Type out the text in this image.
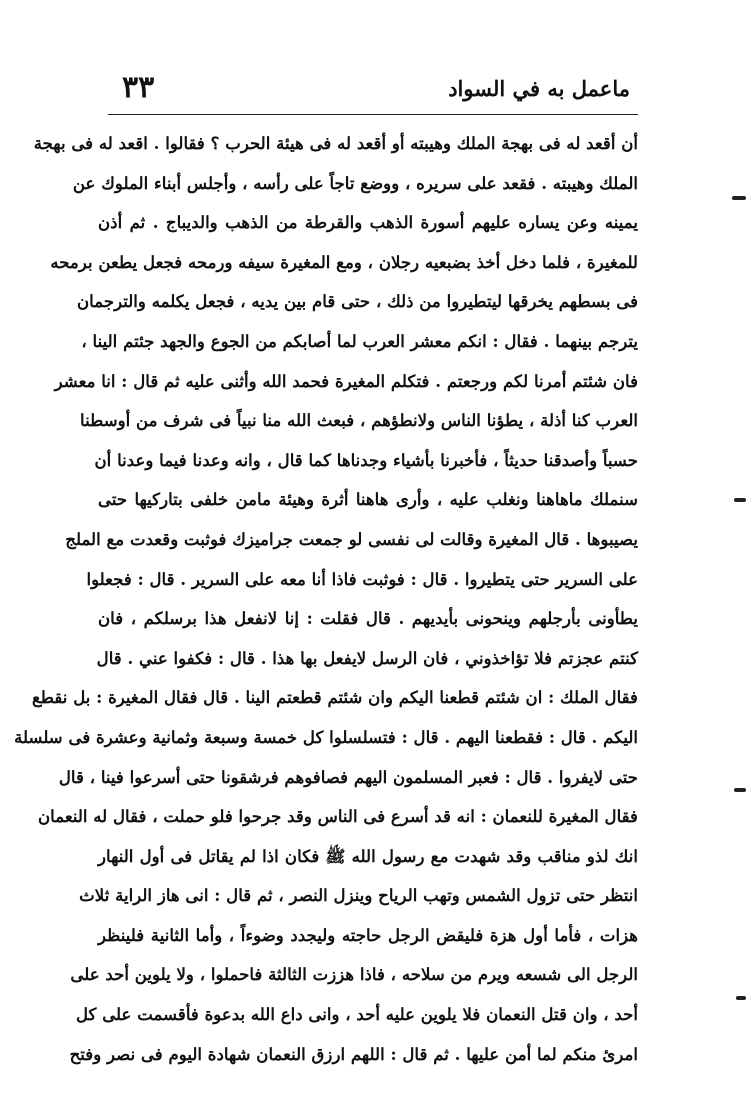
٣٣	ماعمل به في السواد
أن أقعد له فى بهجة الملك وهيبته أو أقعد له فى هيئة الحرب ؟ فقالوا . اقعد له فى بهجة
الملك وهيبته . فقعد على سريره ، ووضع تاجاً على رأسه ، وأجلس أبناء الملوك عن
يمينه وعن يساره عليهم أسورة الذهب والقرطة من الذهب والديباج . ثم أذن
للمغيرة ، فلما دخل أخذ بضبعيه رجلان ، ومع المغيرة سيفه ورمحه فجعل يطعن برمحه
فى بسطهم يخرقها ليتطيروا من ذلك ، حتى قام بين يديه ، فجعل يكلمه والترجمان
يترجم بينهما . فقال : انكم معشر العرب لما أصابكم من الجوع والجهد جئتم الينا ،
فان شئتم أمرنا لكم ورجعتم . فتكلم المغيرة فحمد الله وأثنى عليه ثم قال : انا معشر
العرب كنا أذلة ، يطؤنا الناس ولانطؤهم ، فبعث الله منا نبياً فى شرف من أوسطنا
حسباً وأصدقنا حديثاً ، فأخبرنا بأشياء وجدناها كما قال ، وانه وعدنا فيما وعدنا أن
سنملك ماهاهنا ونغلب عليه ، وأرى هاهنا أثرة وهيئة مامن خلفى بتاركيها حتى
يصيبوها . قال المغيرة وقالت لى نفسى لو جمعت جراميزك فوثبت وقعدت مع الملج
على السرير حتى يتطيروا . قال : فوثبت فاذا أنا معه على السرير . قال : فجعلوا
يطأونى بأرجلهم وينحونى بأيديهم . قال فقلت : إنا لانفعل هذا برسلكم ، فان
كنتم عجزتم فلا تؤاخذوني ، فان الرسل لايفعل بها هذا . قال : فكفوا عني . قال
فقال الملك : ان شئتم قطعنا اليكم وان شئتم قطعتم الينا . قال فقال المغيرة : بل نقطع
اليكم . قال : فقطعنا اليهم . قال : فتسلسلوا كل خمسة وسبعة وثمانية وعشرة فى سلسلة
حتى لايفروا . قال : فعبر المسلمون اليهم فصافوهم فرشقونا حتى أسرعوا فينا ، قال
فقال المغيرة للنعمان : انه قد أسرع فى الناس وقد جرحوا فلو حملت ، فقال له النعمان
انك لذو مناقب وقد شهدت مع رسول الله ﷺ فكان اذا لم يقاتل فى أول النهار
انتظر حتى تزول الشمس وتهب الرياح وينزل النصر ، ثم قال : انى هاز الراية ثلاث
هزات ، فأما أول هزة فليقض الرجل حاجته وليجدد وضوءاً ، وأما الثانية فلينظر
الرجل الى شسعه ويرم من سلاحه ، فاذا هززت الثالثة فاحملوا ، ولا يلوين أحد على
أحد ، وان قتل النعمان فلا يلوين عليه أحد ، وانى داع الله بدعوة فأقسمت على كل
امرئ منكم لما أمن عليها . ثم قال : اللهم ارزق النعمان شهادة اليوم فى نصر وفتح
